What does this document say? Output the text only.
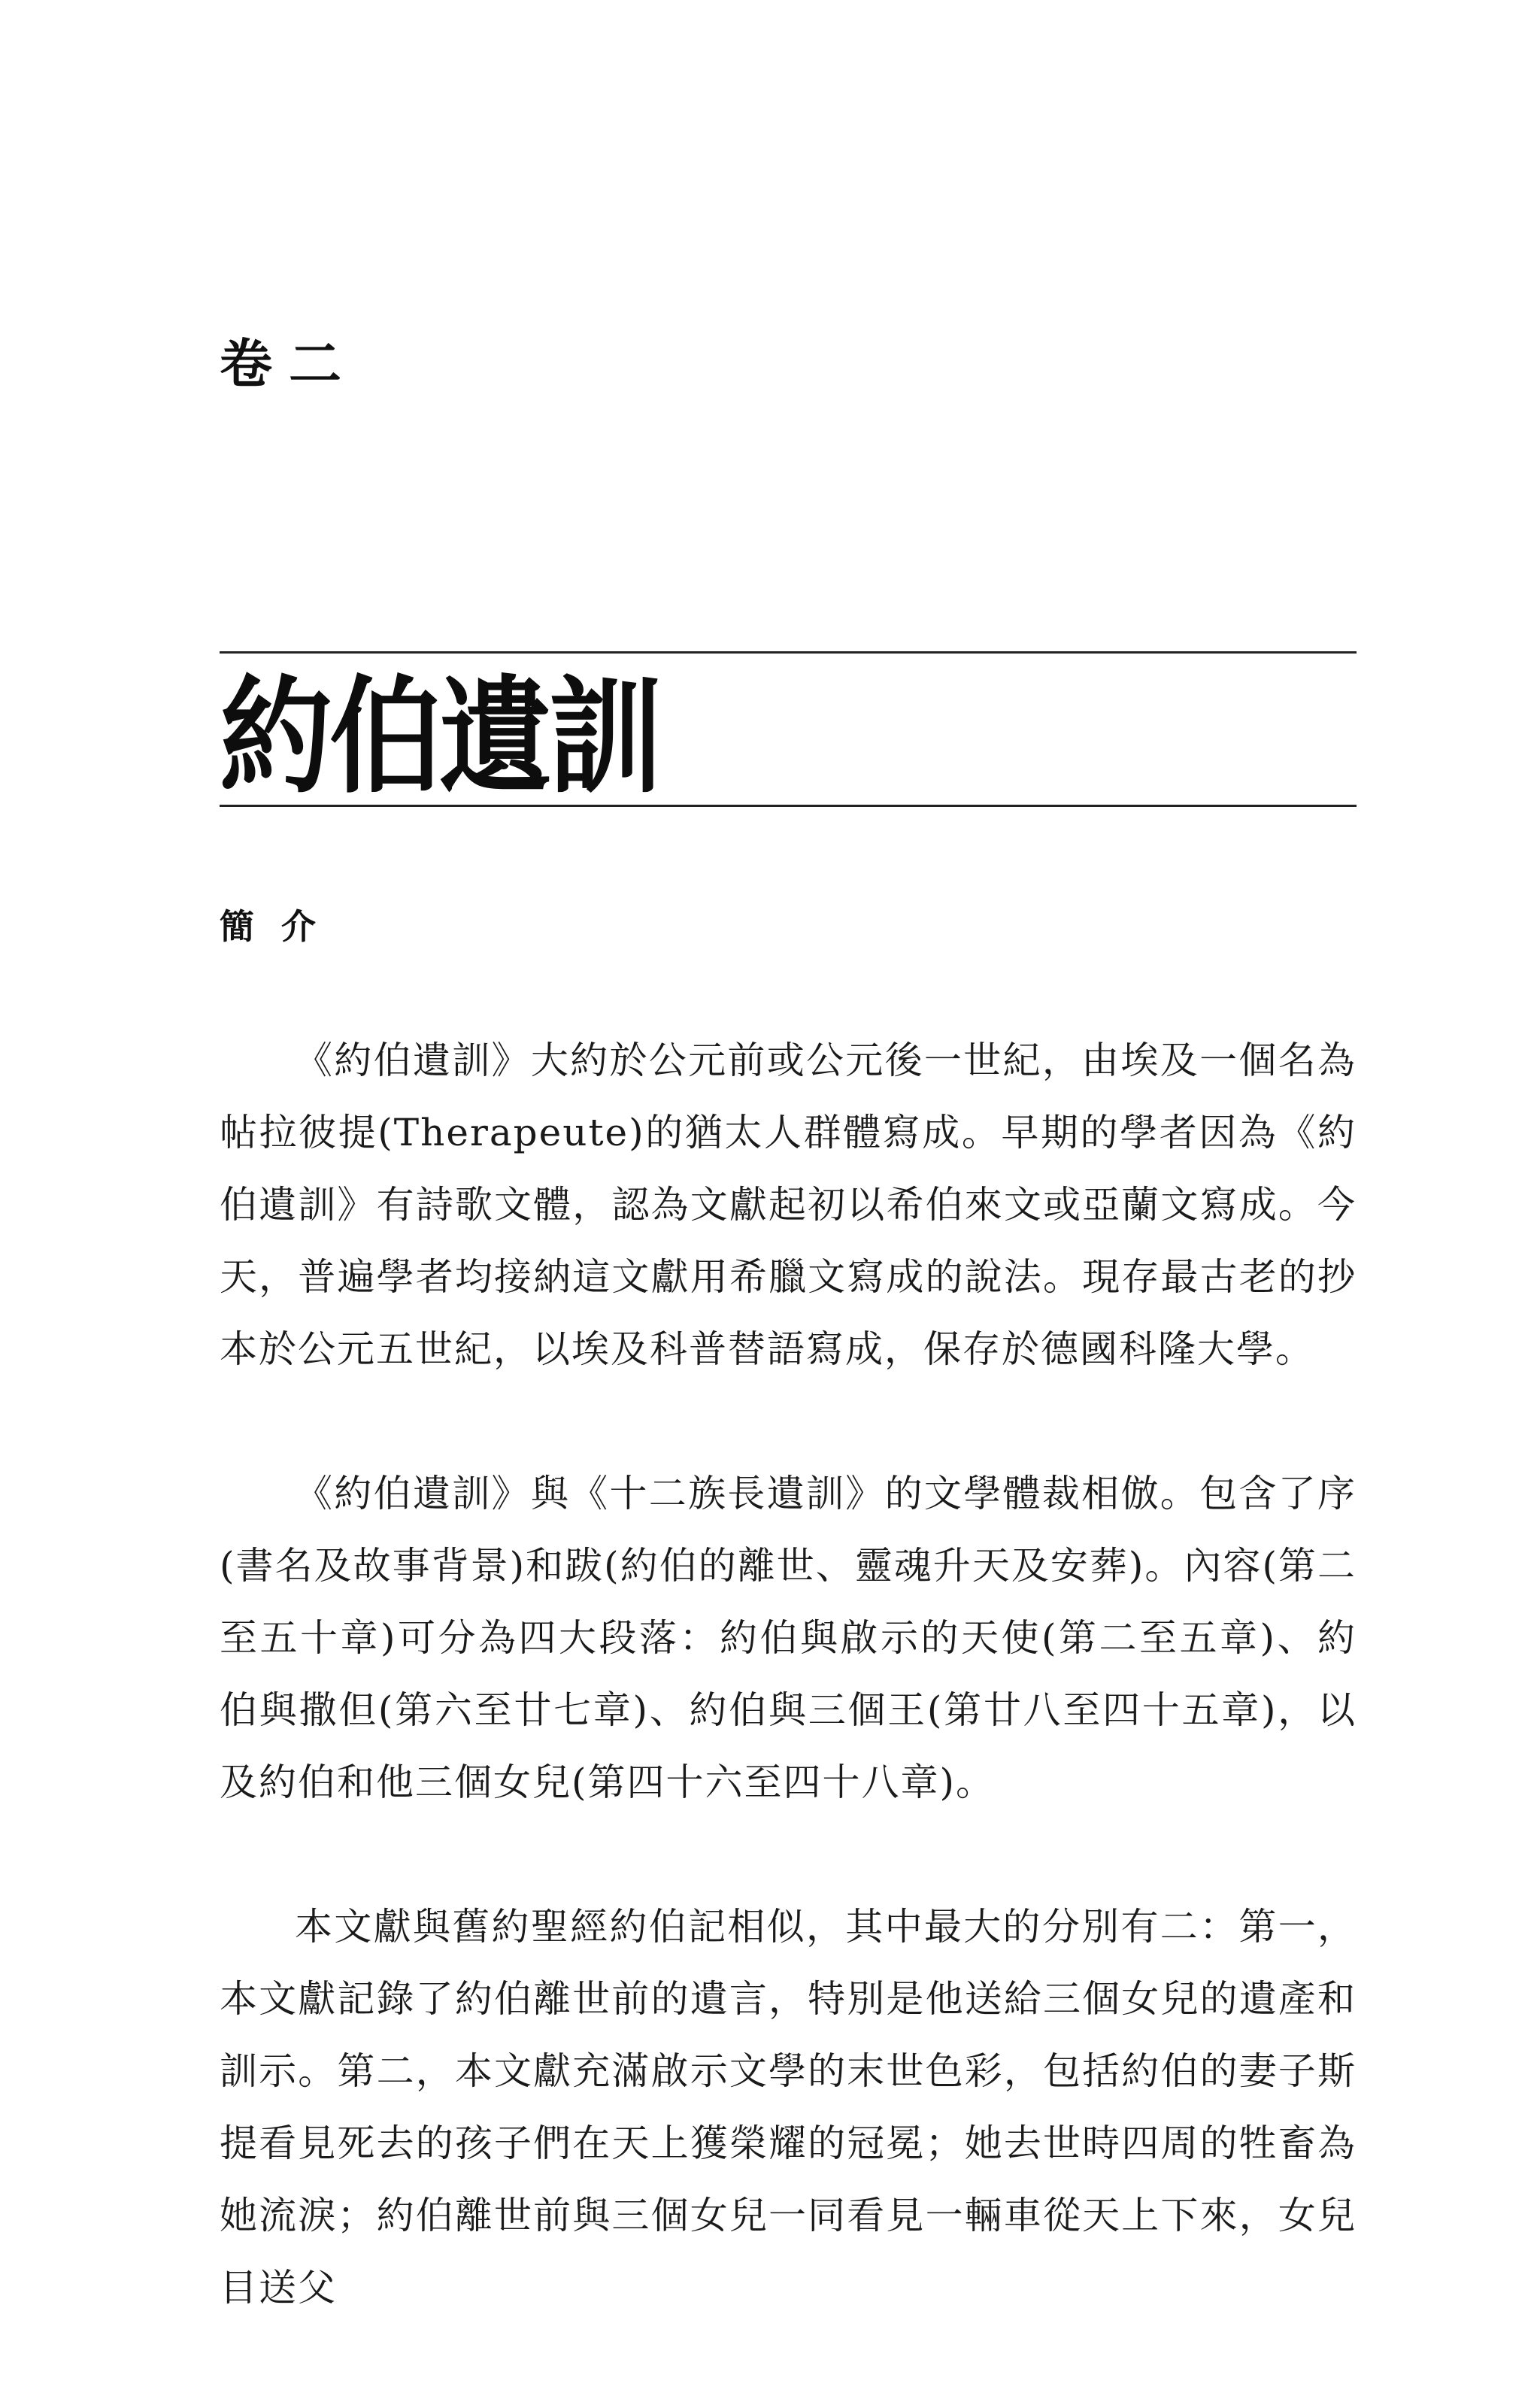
卷二
約伯遺訓
簡介

《約伯遺訓》大約於公元前或公元後一世紀，由埃及一個名為帖拉彼提(Therapeute)的猶太人群體寫成。早期的學者因為《約伯遺訓》有詩歌文體，認為文獻起初以希伯來文或亞蘭文寫成。今天，普遍學者均接納這文獻用希臘文寫成的說法。現存最古老的抄本於公元五世紀，以埃及科普替語寫成，保存於德國科隆大學。

《約伯遺訓》與《十二族長遺訓》的文學體裁相倣。包含了序(書名及故事背景)和跋(約伯的離世、靈魂升天及安葬)。內容(第二至五十章)可分為四大段落：約伯與啟示的天使(第二至五章)、約伯與撒但(第六至廿七章)、約伯與三個王(第廿八至四十五章)，以及約伯和他三個女兒(第四十六至四十八章)。

本文獻與舊約聖經約伯記相似，其中最大的分別有二：第一，本文獻記錄了約伯離世前的遺言，特別是他送給三個女兒的遺產和訓示。第二，本文獻充滿啟示文學的末世色彩，包括約伯的妻子斯提看見死去的孩子們在天上獲榮耀的冠冕；她去世時四周的牲畜為她流淚；約伯離世前與三個女兒一同看見一輛車從天上下來，女兒目送父
